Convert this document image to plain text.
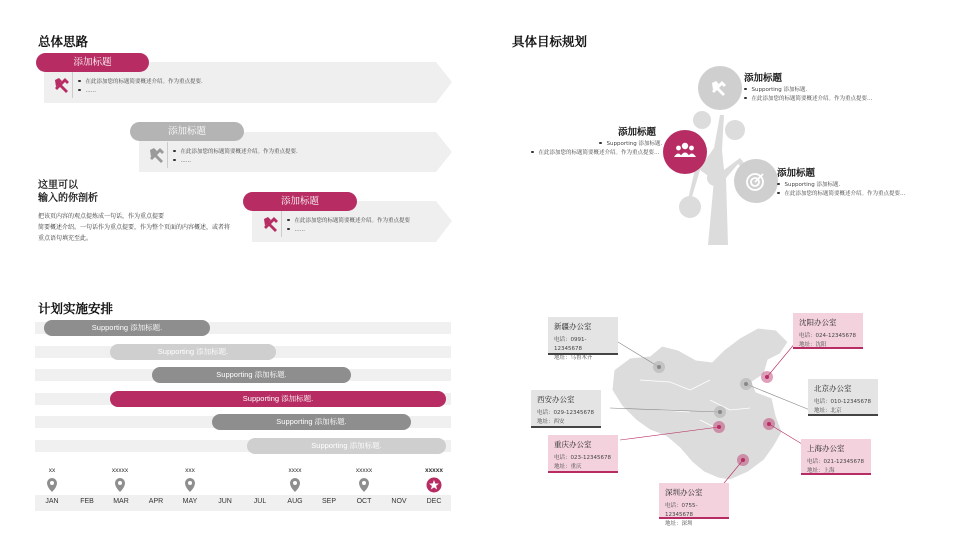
总体思路
添加标题
在此添加您的标题简要概述介绍。作为重点提要.
......
添加标题
在此添加您的标题简要概述介绍。作为重点提要.
......
添加标题
在此添加您的标题简要概述介绍。作为重点提要
......
这里可以
输入的你剖析
把该页内容的观点提炼成一句话，作为重点提要
简要概述介绍。一句话作为重点提要，作为整个页面的内容概述，或者将
重点语句填充至此。
具体目标规划
添加标题
Supporting 添加标题.
在此添加您的标题简要概述介绍。作为重点提要…
添加标题
Supporting 添加标题.
在此添加您的标题简要概述介绍。作为重点提要…
添加标题
Supporting 添加标题.
在此添加您的标题简要概述介绍。作为重点提要…
计划实施安排
Supporting 添加标题.
Supporting 添加标题.
Supporting 添加标题.
Supporting 添加标题.
Supporting 添加标题.
Supporting 添加标题.
xx	xxxxx	xxx	xxxx	xxxxx	xxxxx
JAN	FEB	MAR	APR	MAY	JUN	JUL	AUG	SEP	OCT	NOV	DEC
新疆办公室
电话：0991-12345678
地址：乌鲁木齐
西安办公室
电话：029-12345678
地址：西安
重庆办公室
电话：023-12345678
地址：重庆
深圳办公室
电话：0755-12345678
地址：深圳
沈阳办公室
电话：024-12345678
地址：沈阳
北京办公室
电话：010-12345678
地址：北京
上海办公室
电话：021-12345678
地址：上海
